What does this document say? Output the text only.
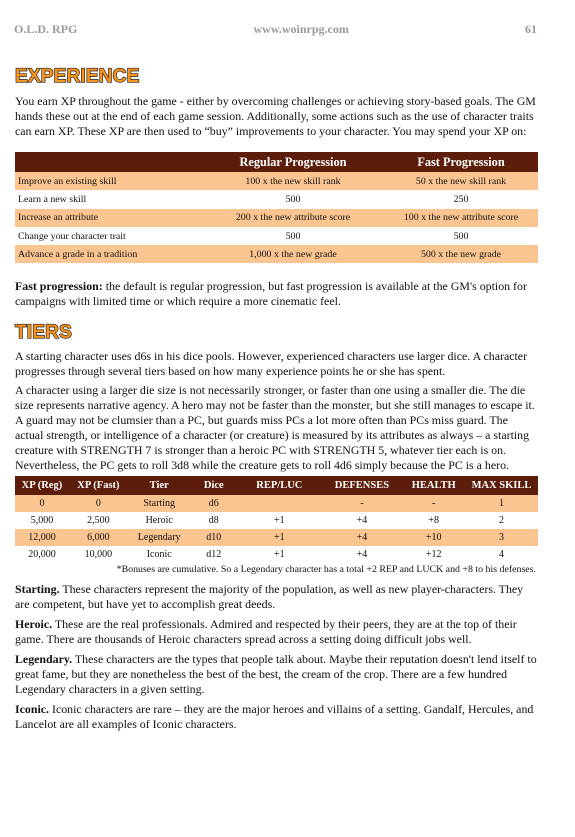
O.L.D. RPG	www.woinrpg.com	61
EXPERIENCE

You earn XP throughout the game - either by overcoming challenges or achieving story-based goals. The GM hands these out at the end of each game session. Additionally, some actions such as the use of character traits can earn XP. These XP are then used to “buy” improvements to your character. You may spend your XP on:

	Regular Progression	Fast Progression
Improve an existing skill	100 x the new skill rank	50 x the new skill rank
Learn a new skill	500	250
Increase an attribute	200 x the new attribute score	100 x the new attribute score
Change your character trait	500	500
Advance a grade in a tradition	1,000 x the new grade	500 x the new grade

Fast progression: the default is regular progression, but fast progression is available at the GM's option for campaigns with limited time or which require a more cinematic feel.

TIERS

A starting character uses d6s in his dice pools. However, experienced characters use larger dice. A character progresses through several tiers based on how many experience points he or she has spent.

A character using a larger die size is not necessarily stronger, or faster than one using a smaller die. The die size represents narrative agency. A hero may not be faster than the monster, but she still manages to escape it. A guard may not be clumsier than a PC, but guards miss PCs a lot more often than PCs miss guard. The actual strength, or intelligence of a character (or creature) is measured by its attributes as always – a starting creature with STRENGTH 7 is stronger than a heroic PC with STRENGTH 5, whatever tier each is on. Nevertheless, the PC gets to roll 3d8 while the creature gets to roll 4d6 simply because the PC is a hero.

XP (Reg)	XP (Fast)	Tier	Dice	REP/LUC	DEFENSES	HEALTH	MAX SKILL
0	0	Starting	d6		-	-	1
5,000	2,500	Heroic	d8	+1	+4	+8	2
12,000	6,000	Legendary	d10	+1	+4	+10	3
20,000	10,000	Iconic	d12	+1	+4	+12	4
*Bonuses are cumulative. So a Legendary character has a total +2 REP and LUCK and +8 to his defenses.

Starting. These characters represent the majority of the population, as well as new player-characters. They are competent, but have yet to accomplish great deeds.

Heroic. These are the real professionals. Admired and respected by their peers, they are at the top of their game. There are thousands of Heroic characters spread across a setting doing difficult jobs well.

Legendary. These characters are the types that people talk about. Maybe their reputation doesn't lend itself to great fame, but they are nonetheless the best of the best, the cream of the crop. There are a few hundred Legendary characters in a given setting.

Iconic. Iconic characters are rare – they are the major heroes and villains of a setting. Gandalf, Hercules, and Lancelot are all examples of Iconic characters.
